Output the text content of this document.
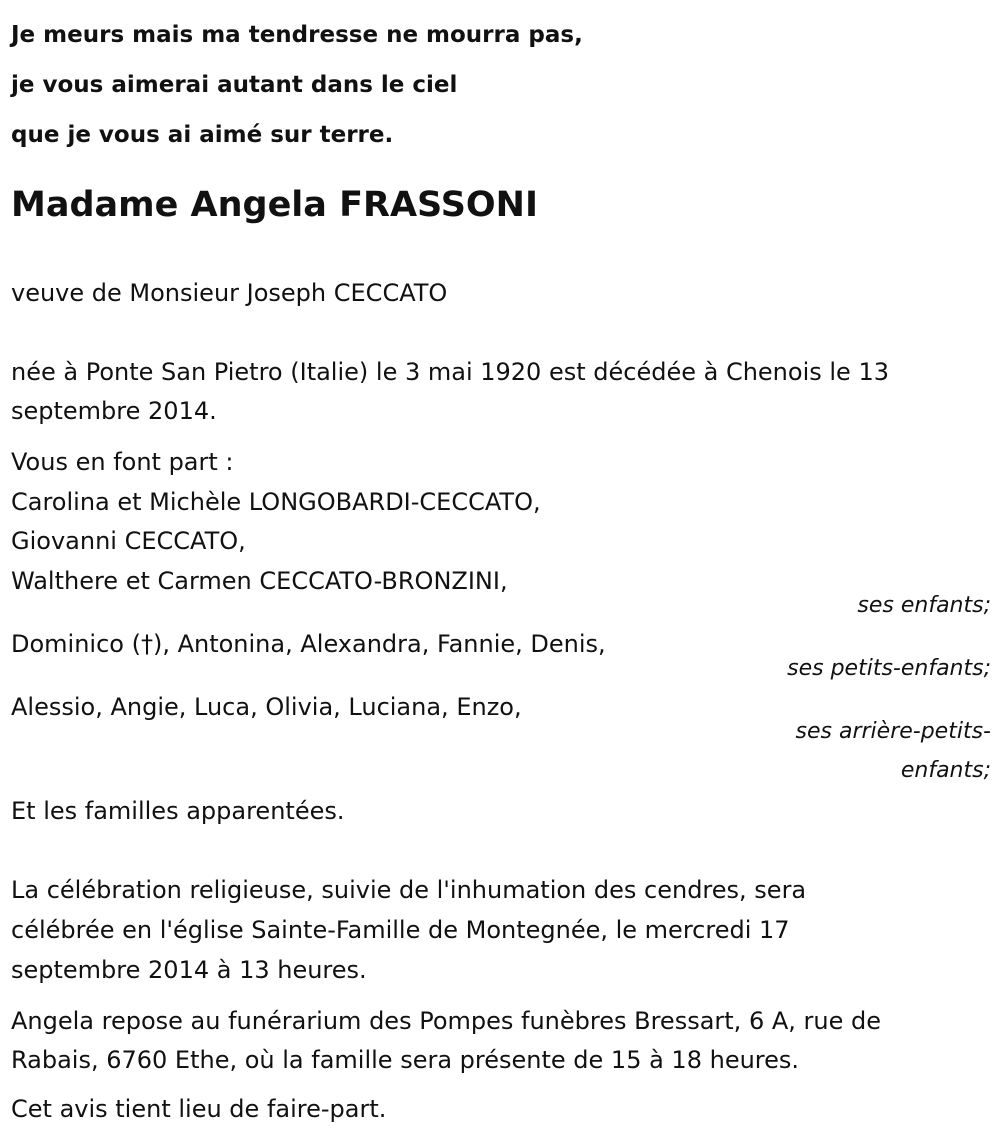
Je meurs mais ma tendresse ne mourra pas,
je vous aimerai autant dans le ciel
que je vous ai aimé sur terre.
Madame Angela FRASSONI
veuve de Monsieur Joseph CECCATO
née à Ponte San Pietro (Italie) le 3 mai 1920 est décédée à Chenois le 13
septembre 2014.
Vous en font part :
Carolina et Michèle LONGOBARDI-CECCATO,
Giovanni CECCATO,
Walthere et Carmen CECCATO-BRONZINI,
ses enfants;
Dominico (†), Antonina, Alexandra, Fannie, Denis,
ses petits-enfants;
Alessio, Angie, Luca, Olivia, Luciana, Enzo,
ses arrière-petits-
enfants;
Et les familles apparentées.
La célébration religieuse, suivie de l'inhumation des cendres, sera
célébrée en l'église Sainte-Famille de Montegnée, le mercredi 17
septembre 2014 à 13 heures.
Angela repose au funérarium des Pompes funèbres Bressart, 6 A, rue de
Rabais, 6760 Ethe, où la famille sera présente de 15 à 18 heures.
Cet avis tient lieu de faire-part.
